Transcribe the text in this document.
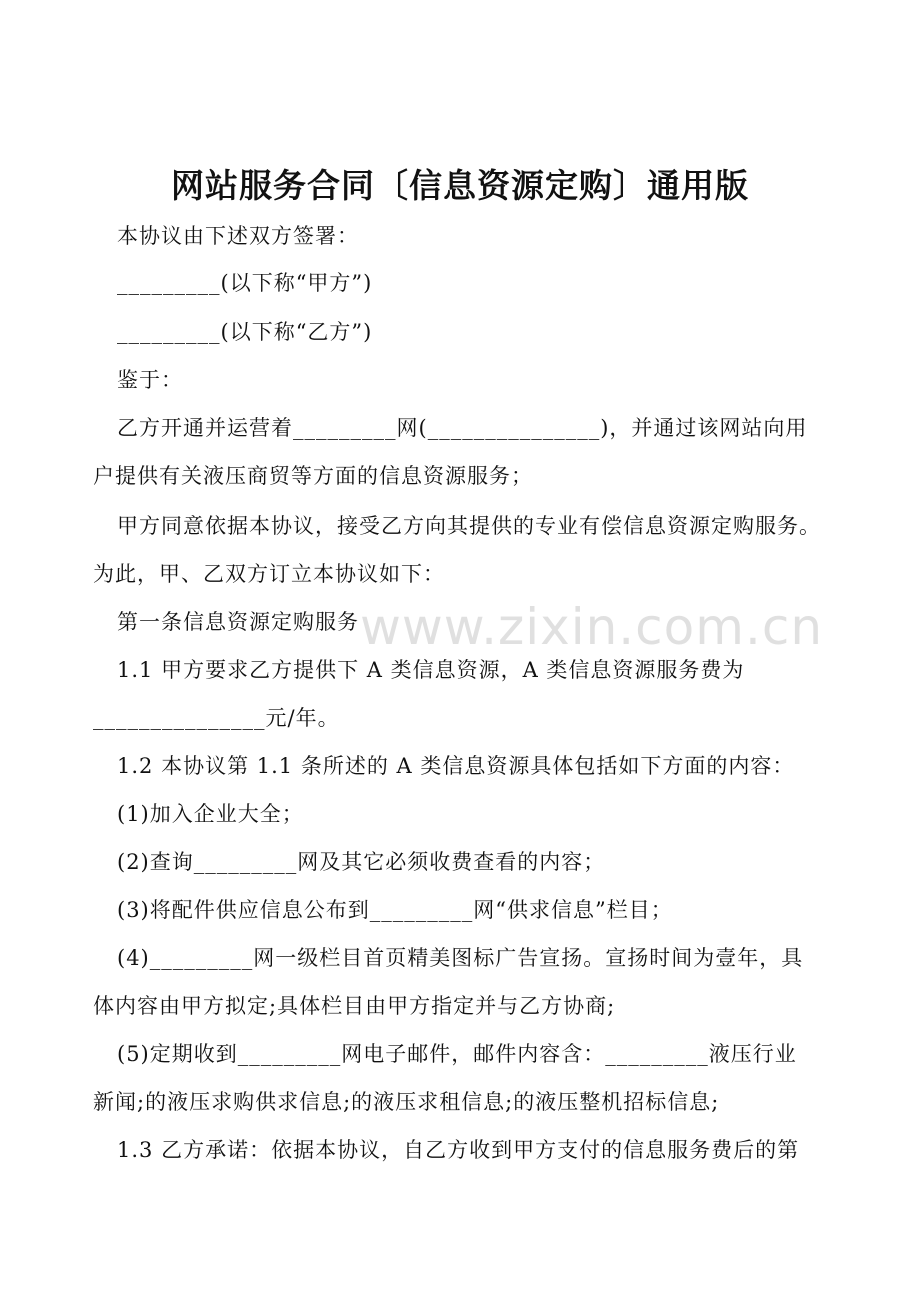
网站服务合同〔信息资源定购〕通用版

本协议由下述双方签署：

_________(以下称“甲方”)

_________(以下称“乙方”)

鉴于：

乙方开通并运营着_________网(_______________)，并通过该网站向用

户提供有关液压商贸等方面的信息资源服务；

甲方同意依据本协议，接受乙方向其提供的专业有偿信息资源定购服务。

为此，甲、乙双方订立本协议如下：

第一条信息资源定购服务

1.1 甲方要求乙方提供下 A 类信息资源，A 类信息资源服务费为

_______________元/年。

1.2 本协议第 1.1 条所述的 A 类信息资源具体包括如下方面的内容：

(1)加入企业大全；

(2)查询_________网及其它必须收费查看的内容；

(3)将配件供应信息公布到_________网“供求信息”栏目；

(4)_________网一级栏目首页精美图标广告宣扬。宣扬时间为壹年，具

体内容由甲方拟定;具体栏目由甲方指定并与乙方协商;

(5)定期收到_________网电子邮件，邮件内容含：_________液压行业

新闻;的液压求购供求信息;的液压求租信息;的液压整机招标信息;

1.3 乙方承诺：依据本协议，自乙方收到甲方支付的信息服务费后的第

www.zixin.com.cn
